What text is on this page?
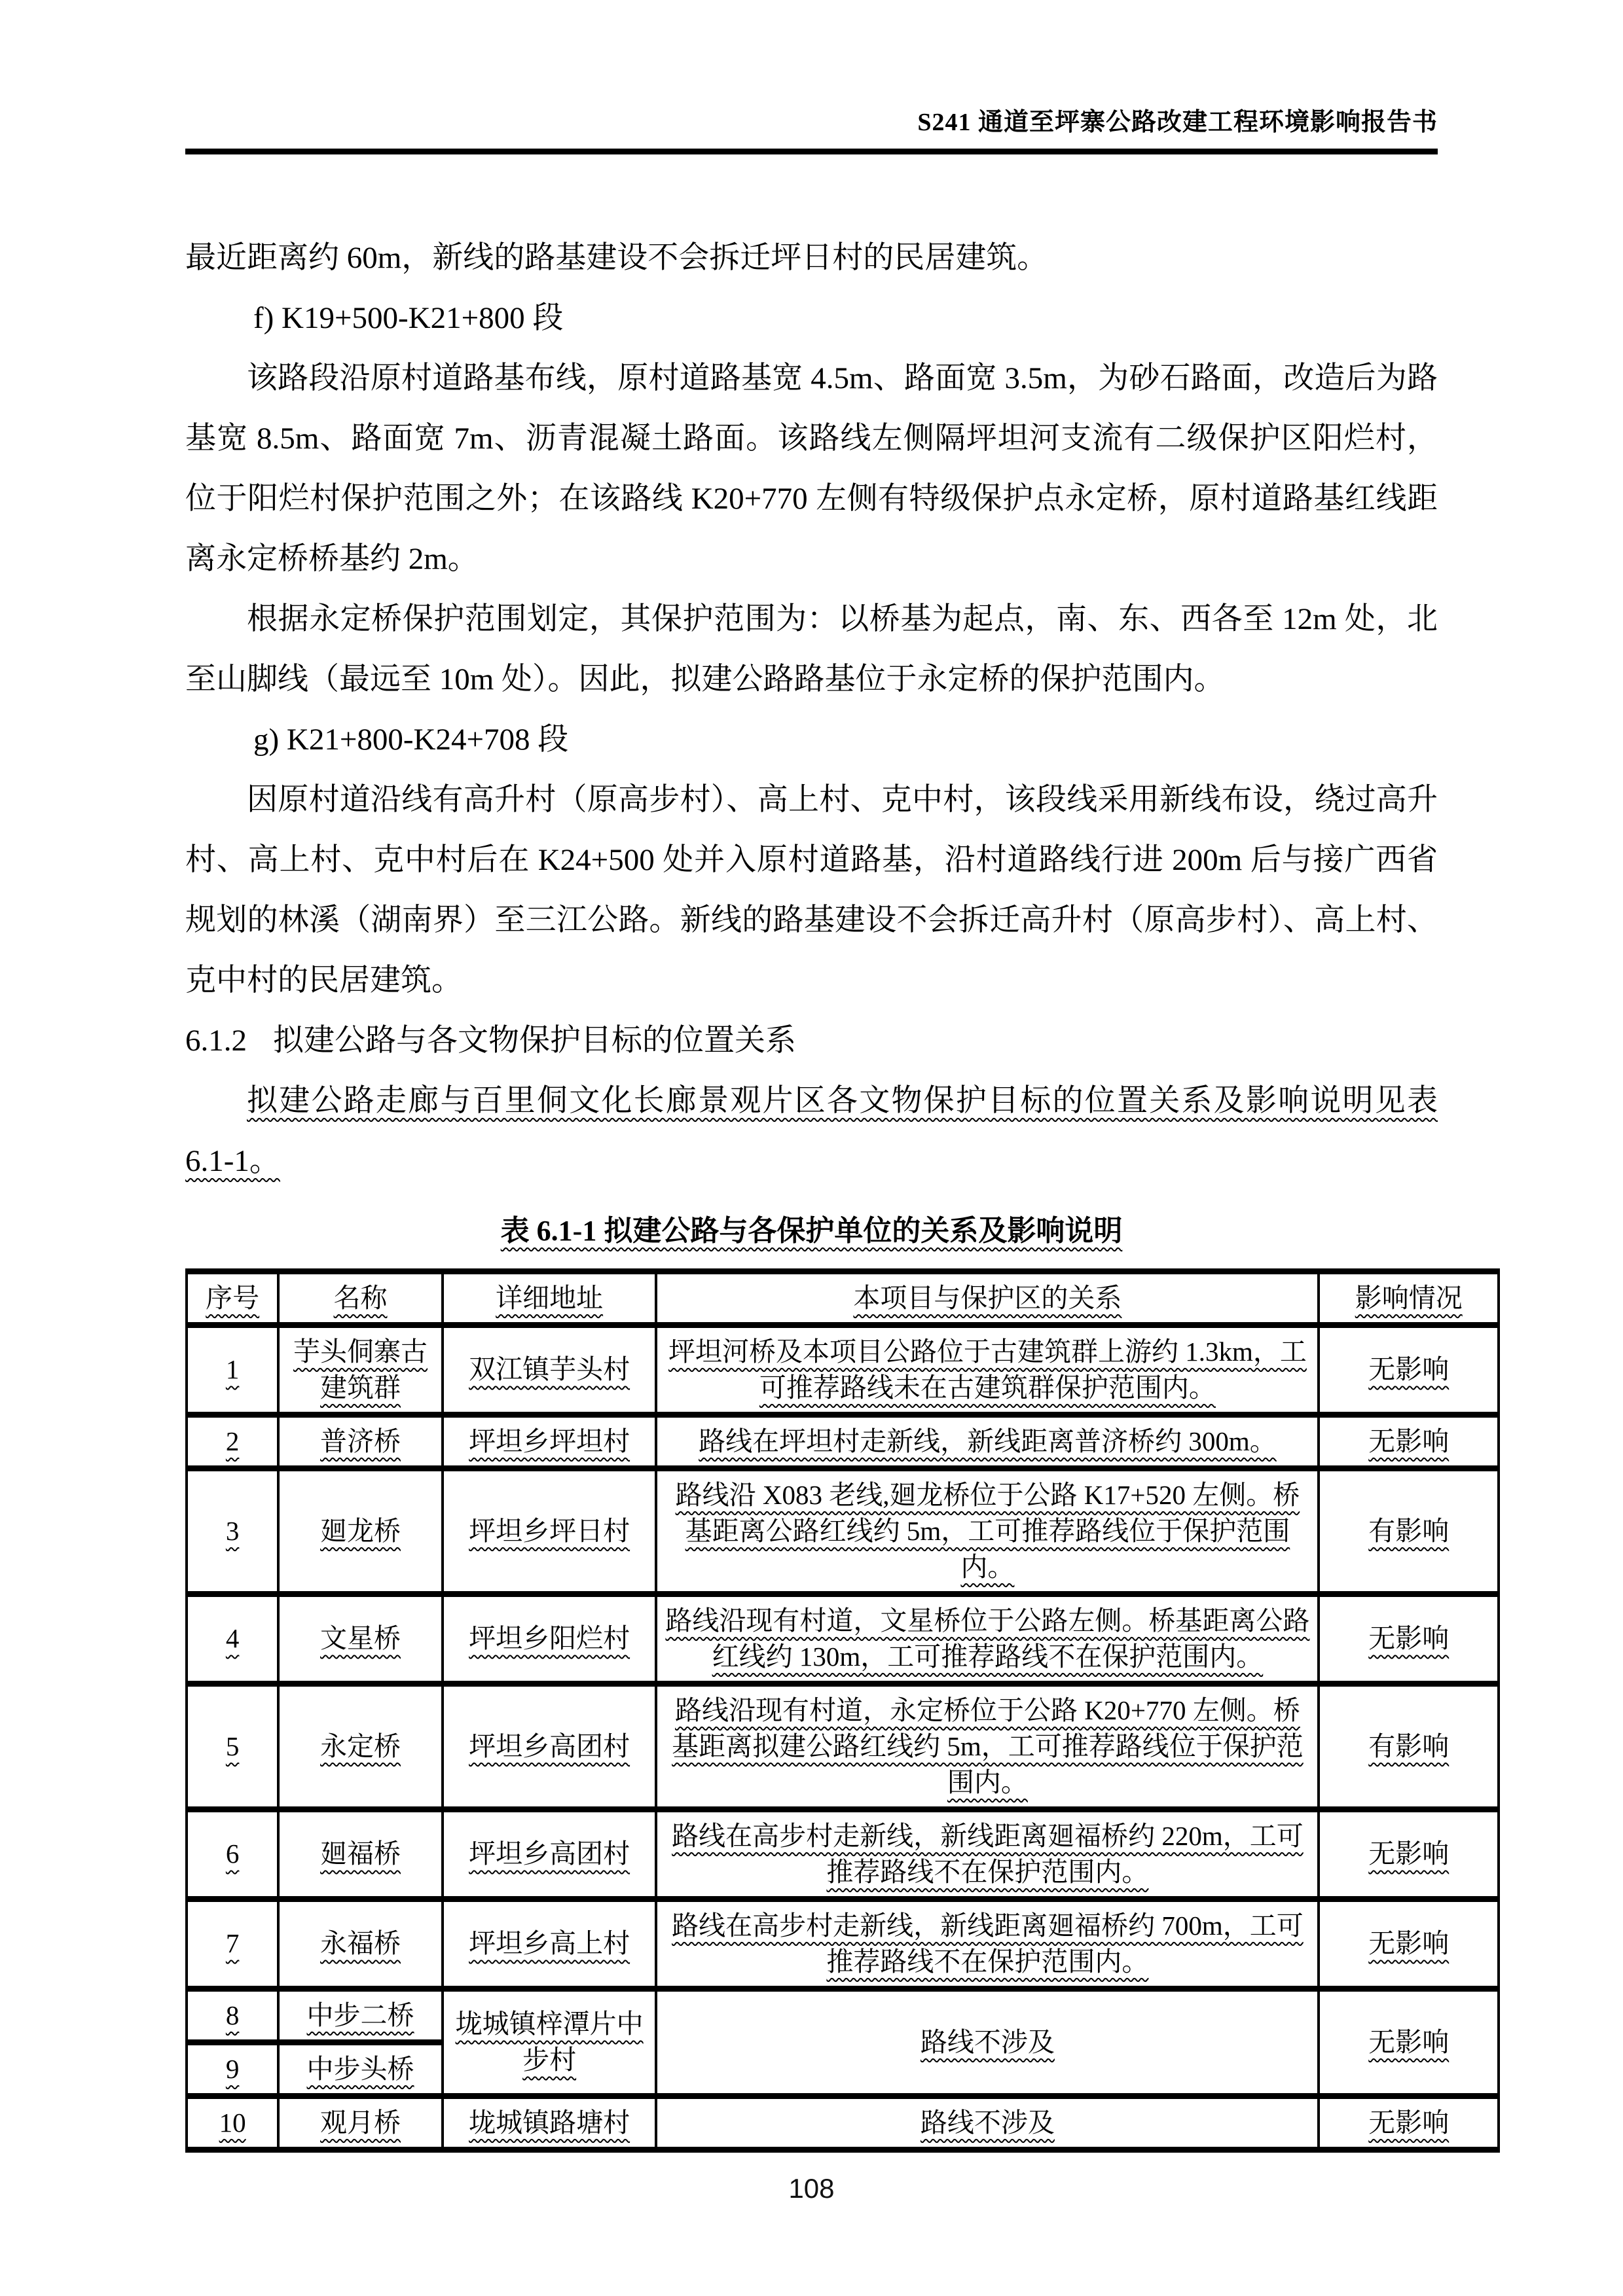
S241 通道至坪寨公路改建工程环境影响报告书

最近距离约 60m，新线的路基建设不会拆迁坪日村的民居建筑。

f) K19+500-K21+800 段

该路段沿原村道路基布线，原村道路基宽 4.5m、路面宽 3.5m，为砂石路面，改造后为路基宽 8.5m、路面宽 7m、沥青混凝土路面。该路线左侧隔坪坦河支流有二级保护区阳烂村，位于阳烂村保护范围之外；在该路线 K20+770 左侧有特级保护点永定桥，原村道路基红线距离永定桥桥基约 2m。

根据永定桥保护范围划定，其保护范围为：以桥基为起点，南、东、西各至 12m 处，北至山脚线（最远至 10m 处）。因此，拟建公路路基位于永定桥的保护范围内。

g) K21+800-K24+708 段

因原村道沿线有高升村（原高步村）、高上村、克中村，该段线采用新线布设，绕过高升村、高上村、克中村后在 K24+500 处并入原村道路基，沿村道路线行进 200m 后与接广西省规划的林溪（湖南界）至三江公路。新线的路基建设不会拆迁高升村（原高步村）、高上村、克中村的民居建筑。

6.1.2 拟建公路与各文物保护目标的位置关系

拟建公路走廊与百里侗文化长廊景观片区各文物保护目标的位置关系及影响说明见表 6.1-1。

表 6.1-1 拟建公路与各保护单位的关系及影响说明
序号	名称	详细地址	本项目与保护区的关系	影响情况
1	芋头侗寨古建筑群	双江镇芋头村	坪坦河桥及本项目公路位于古建筑群上游约 1.3km，工可推荐路线未在古建筑群保护范围内。	无影响
2	普济桥	坪坦乡坪坦村	路线在坪坦村走新线，新线距离普济桥约 300m。	无影响
3	廻龙桥	坪坦乡坪日村	路线沿 X083 老线,廻龙桥位于公路 K17+520 左侧。桥基距离公路红线约 5m，工可推荐路线位于保护范围内。	有影响
4	文星桥	坪坦乡阳烂村	路线沿现有村道，文星桥位于公路左侧。桥基距离公路红线约 130m，工可推荐路线不在保护范围内。	无影响
5	永定桥	坪坦乡高团村	路线沿现有村道，永定桥位于公路 K20+770 左侧。桥基距离拟建公路红线约 5m，工可推荐路线位于保护范围内。	有影响
6	廻福桥	坪坦乡高团村	路线在高步村走新线，新线距离廻福桥约 220m，工可推荐路线不在保护范围内。	无影响
7	永福桥	坪坦乡高上村	路线在高步村走新线，新线距离廻福桥约 700m，工可推荐路线不在保护范围内。	无影响
8	中步二桥	垅城镇梓潭片中步村	路线不涉及	无影响
9	中步头桥			
10	观月桥	垅城镇路塘村	路线不涉及	无影响
108
